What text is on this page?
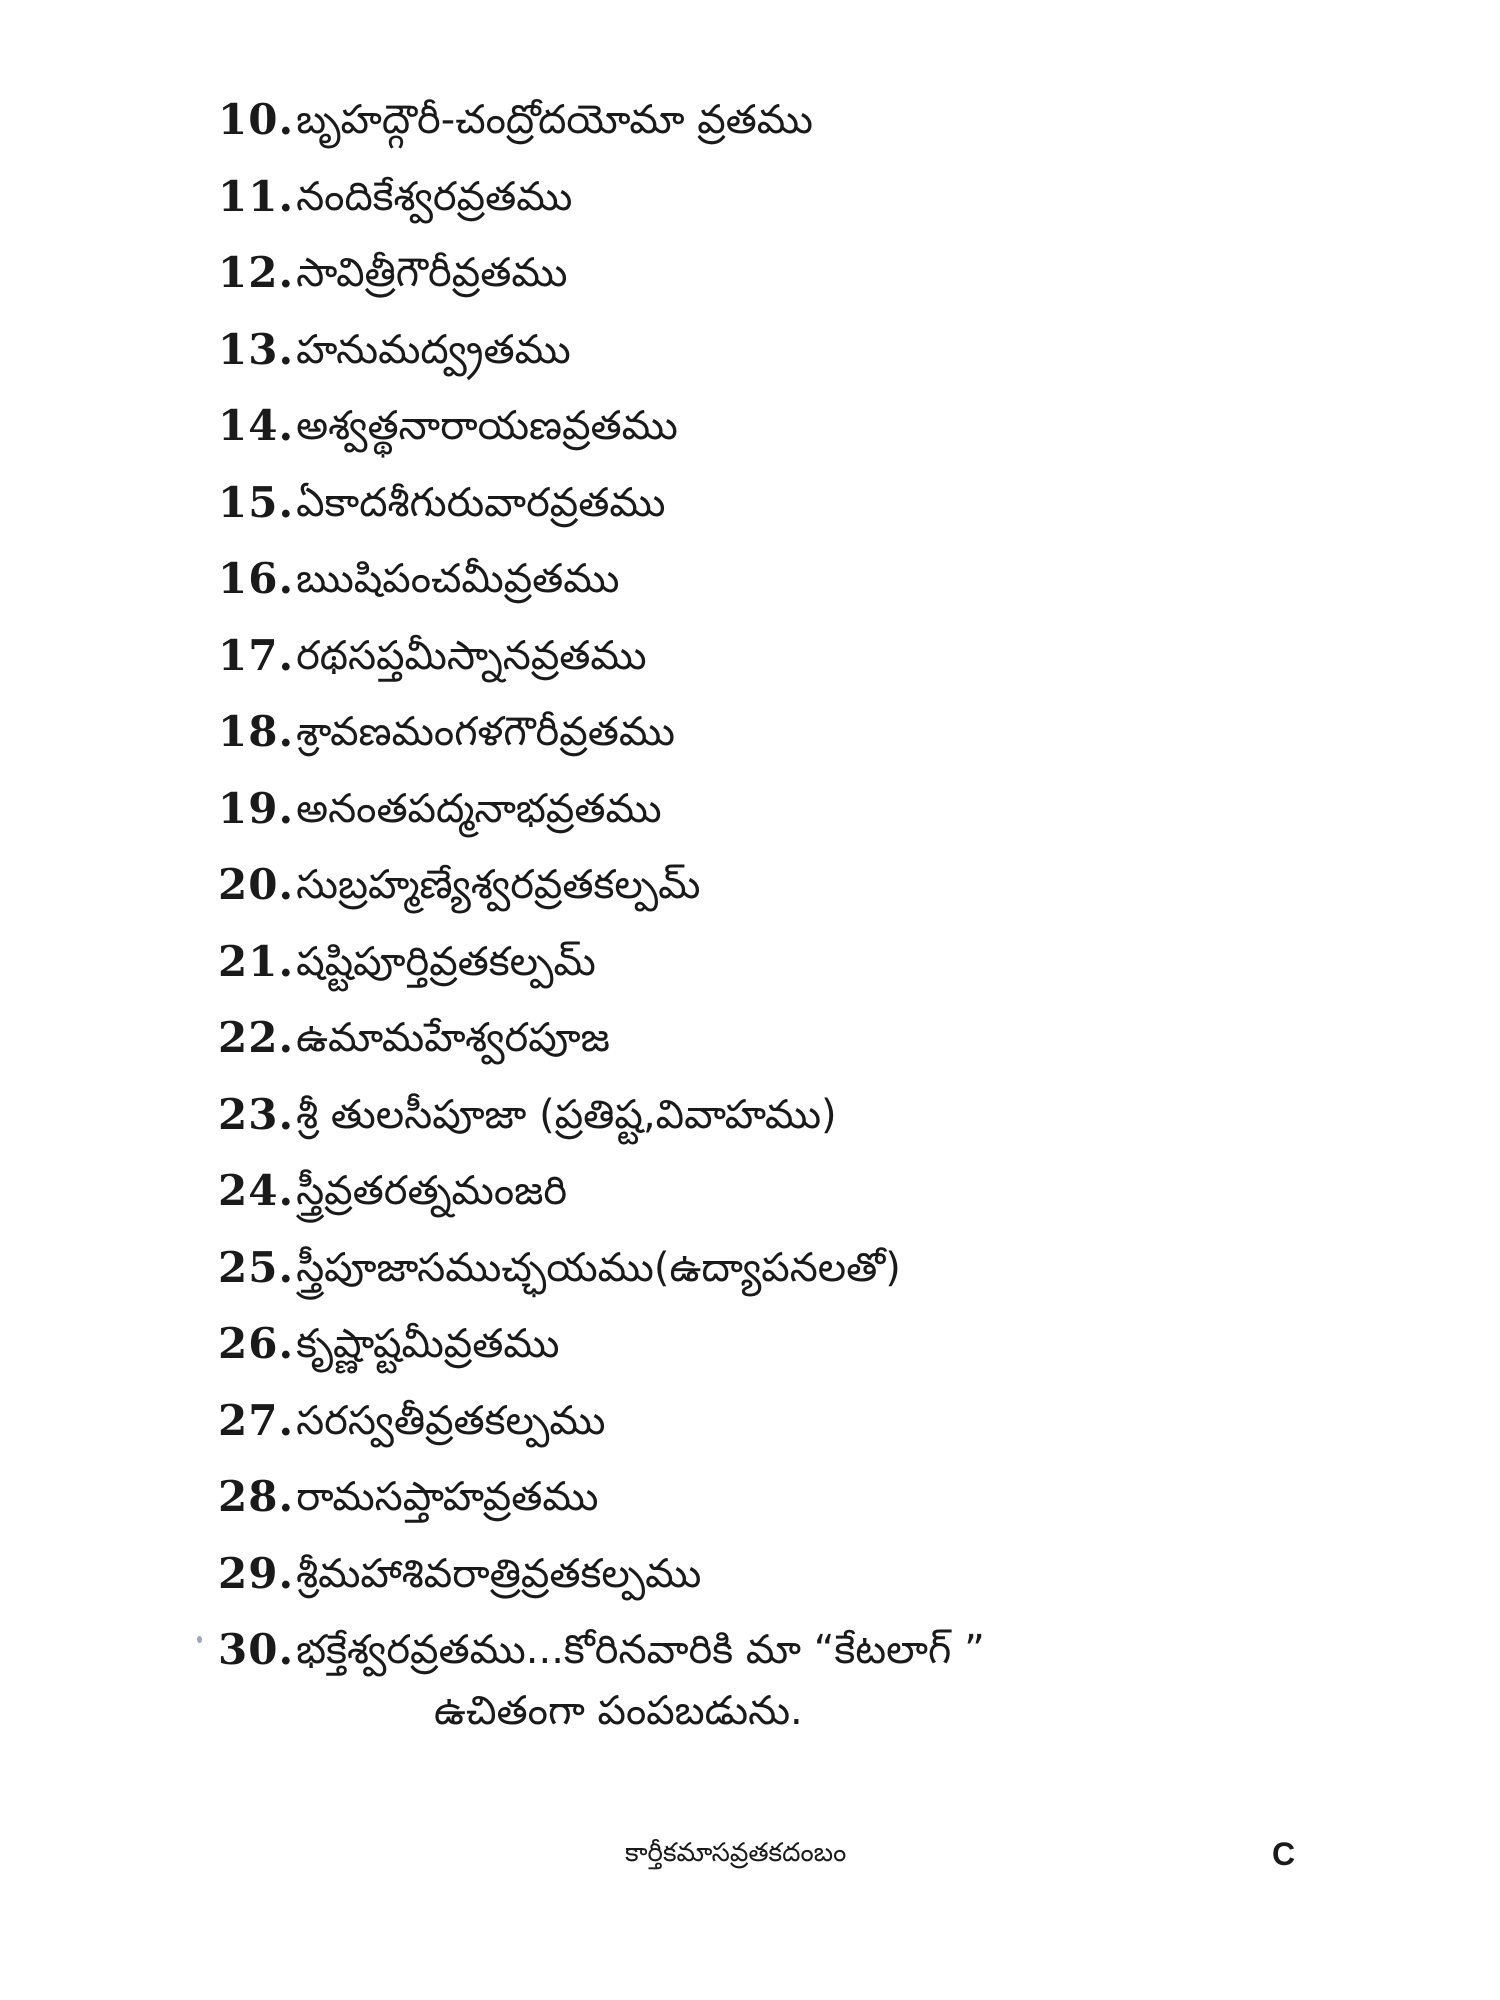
10. బృహద్గౌరీ-చంద్రోదయోమా వ్రతము
11. నందికేశ్వరవ్రతము
12. సావిత్రీగౌరీవ్రతము
13. హనుమద్వ్రతము
14. అశ్వత్థనారాయణవ్రతము
15. ఏకాదశీగురువారవ్రతము
16. ఋషిపంచమీవ్రతము
17. రథసప్తమీస్నానవ్రతము
18. శ్రావణమంగళగౌరీవ్రతము
19. అనంతపద్మనాభవ్రతము
20. సుబ్రహ్మణ్యేశ్వరవ్రతకల్పమ్
21. షష్టిపూర్తివ్రతకల్పమ్
22. ఉమామహేశ్వరపూజ
23. శ్రీ తులసీపూజా (ప్రతిష్ట,వివాహము)
24. స్త్రీవ్రతరత్నమంజరి
25. స్త్రీపూజాసముచ్ఛయము(ఉద్యాపనలతో)
26. కృష్ణాష్టమీవ్రతము
27. సరస్వతీవ్రతకల్పము
28. రామసప్తాహవ్రతము
29. శ్రీమహాశివరాత్రివ్రతకల్పము
30. భక్తేశ్వరవ్రతము...కోరినవారికి మా “కేటలాగ్ ”
ఉచితంగా పంపబడును.
కార్తీకమాసవ్రతకదంబం	C
